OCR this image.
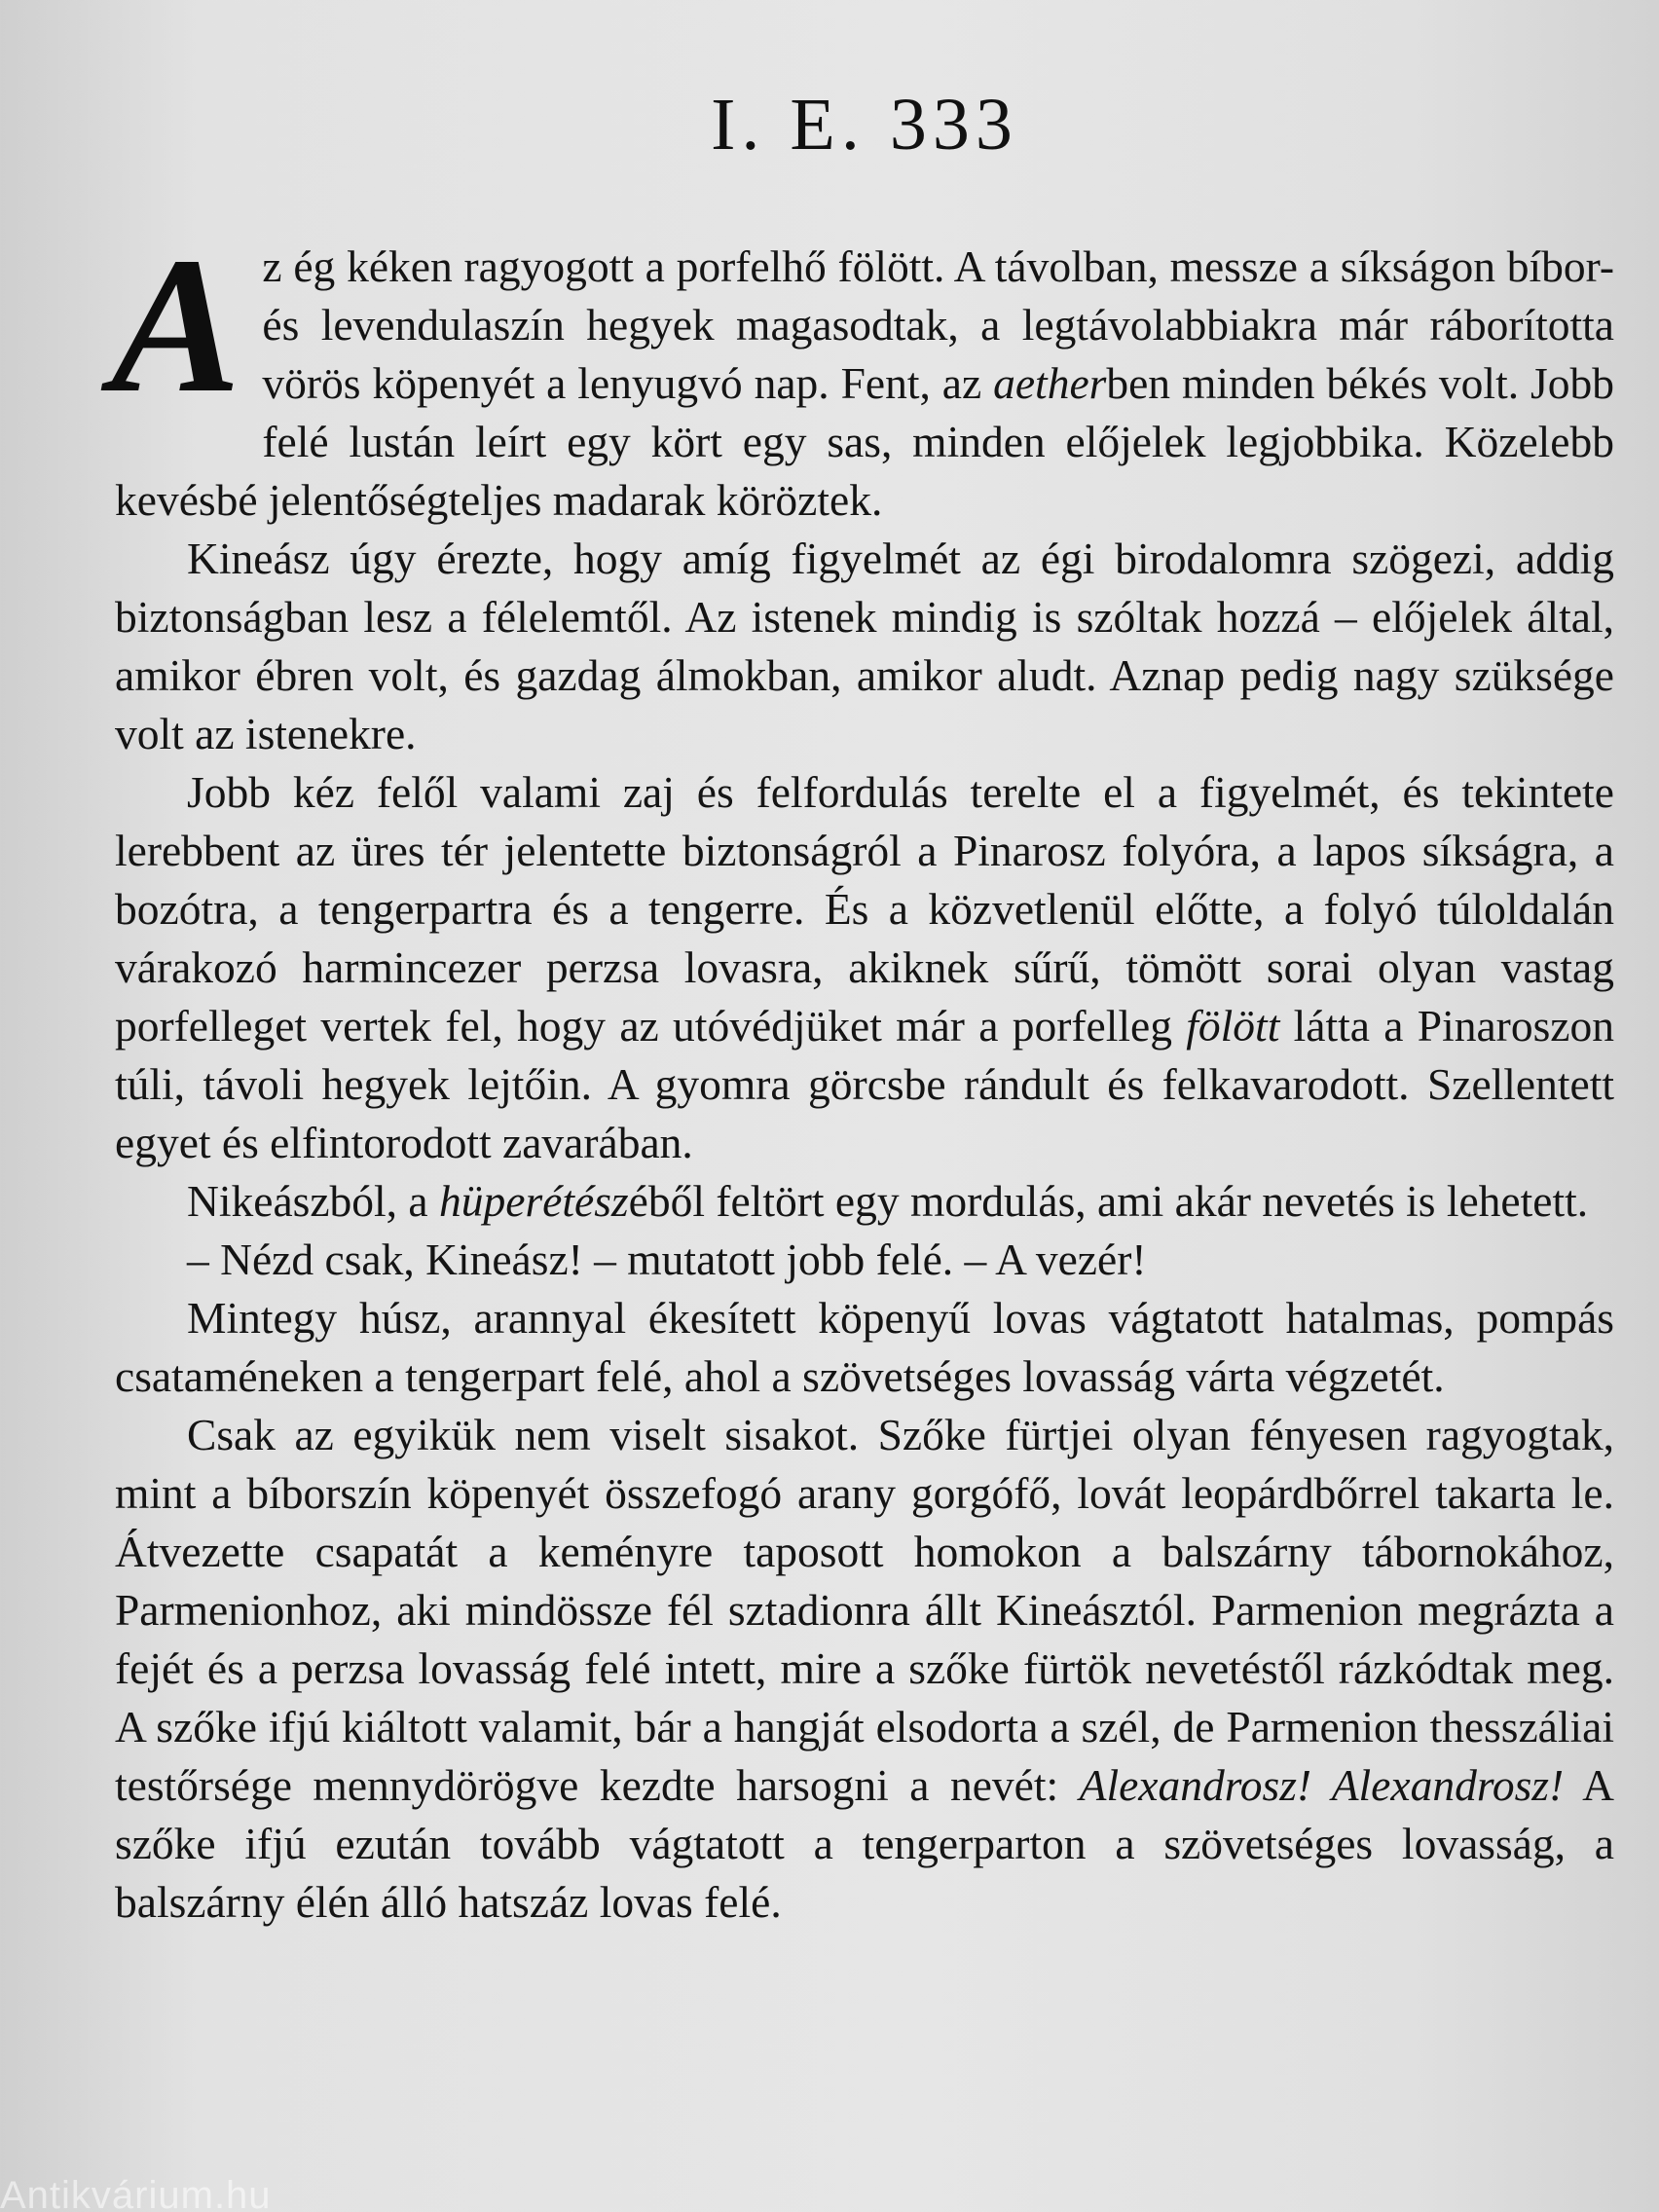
I. E. 333

Az ég kéken ragyogott a porfelhő fölött. A távolban, messze a síkságon bíbor- és levendulaszín hegyek magasodtak, a legtávolabbiakra már ráborította vörös köpenyét a lenyugvó nap. Fent, az aetherben minden békés volt. Jobb felé lustán leírt egy kört egy sas, minden előjelek legjobbika. Közelebb kevésbé jelentőségteljes madarak köröztek.

Kineász úgy érezte, hogy amíg figyelmét az égi birodalomra szögezi, addig biztonságban lesz a félelemtől. Az istenek mindig is szóltak hozzá – előjelek által, amikor ébren volt, és gazdag álmokban, amikor aludt. Aznap pedig nagy szüksége volt az istenekre.

Jobb kéz felől valami zaj és felfordulás terelte el a figyelmét, és tekintete lerebbent az üres tér jelentette biztonságról a Pinarosz folyóra, a lapos síkságra, a bozótra, a tengerpartra és a tengerre. És a közvetlenül előtte, a folyó túloldalán várakozó harmincezer perzsa lovasra, akiknek sűrű, tömött sorai olyan vastag porfelleget vertek fel, hogy az utóvédjüket már a porfelleg fölött látta a Pinaroszon túli, távoli hegyek lejtőin. A gyomra görcsbe rándult és felkavarodott. Szellentett egyet és elfintorodott zavarában.

Nikeászból, a hüperétészéből feltört egy mordulás, ami akár nevetés is lehetett.

– Nézd csak, Kineász! – mutatott jobb felé. – A vezér!

Mintegy húsz, arannyal ékesített köpenyű lovas vágtatott hatalmas, pompás csataméneken a tengerpart felé, ahol a szövetséges lovasság várta végzetét.

Csak az egyikük nem viselt sisakot. Szőke fürtjei olyan fényesen ragyogtak, mint a bíborszín köpenyét összefogó arany gorgófő, lovát leopárdbőrrel takarta le. Átvezette csapatát a keményre taposott homokon a balszárny tábornokához, Parmenionhoz, aki mindössze fél sztadionra állt Kineásztól. Parmenion megrázta a fejét és a perzsa lovasság felé intett, mire a szőke fürtök nevetéstől rázkódtak meg. A szőke ifjú kiáltott valamit, bár a hangját elsodorta a szél, de Parmenion thesszáliai testőrsége mennydörögve kezdte harsogni a nevét: Alexandrosz! Alexandrosz! A szőke ifjú ezután tovább vágtatott a tengerparton a szövetséges lovasság, a balszárny élén álló hatszáz lovas felé.

Antikvárium.hu
